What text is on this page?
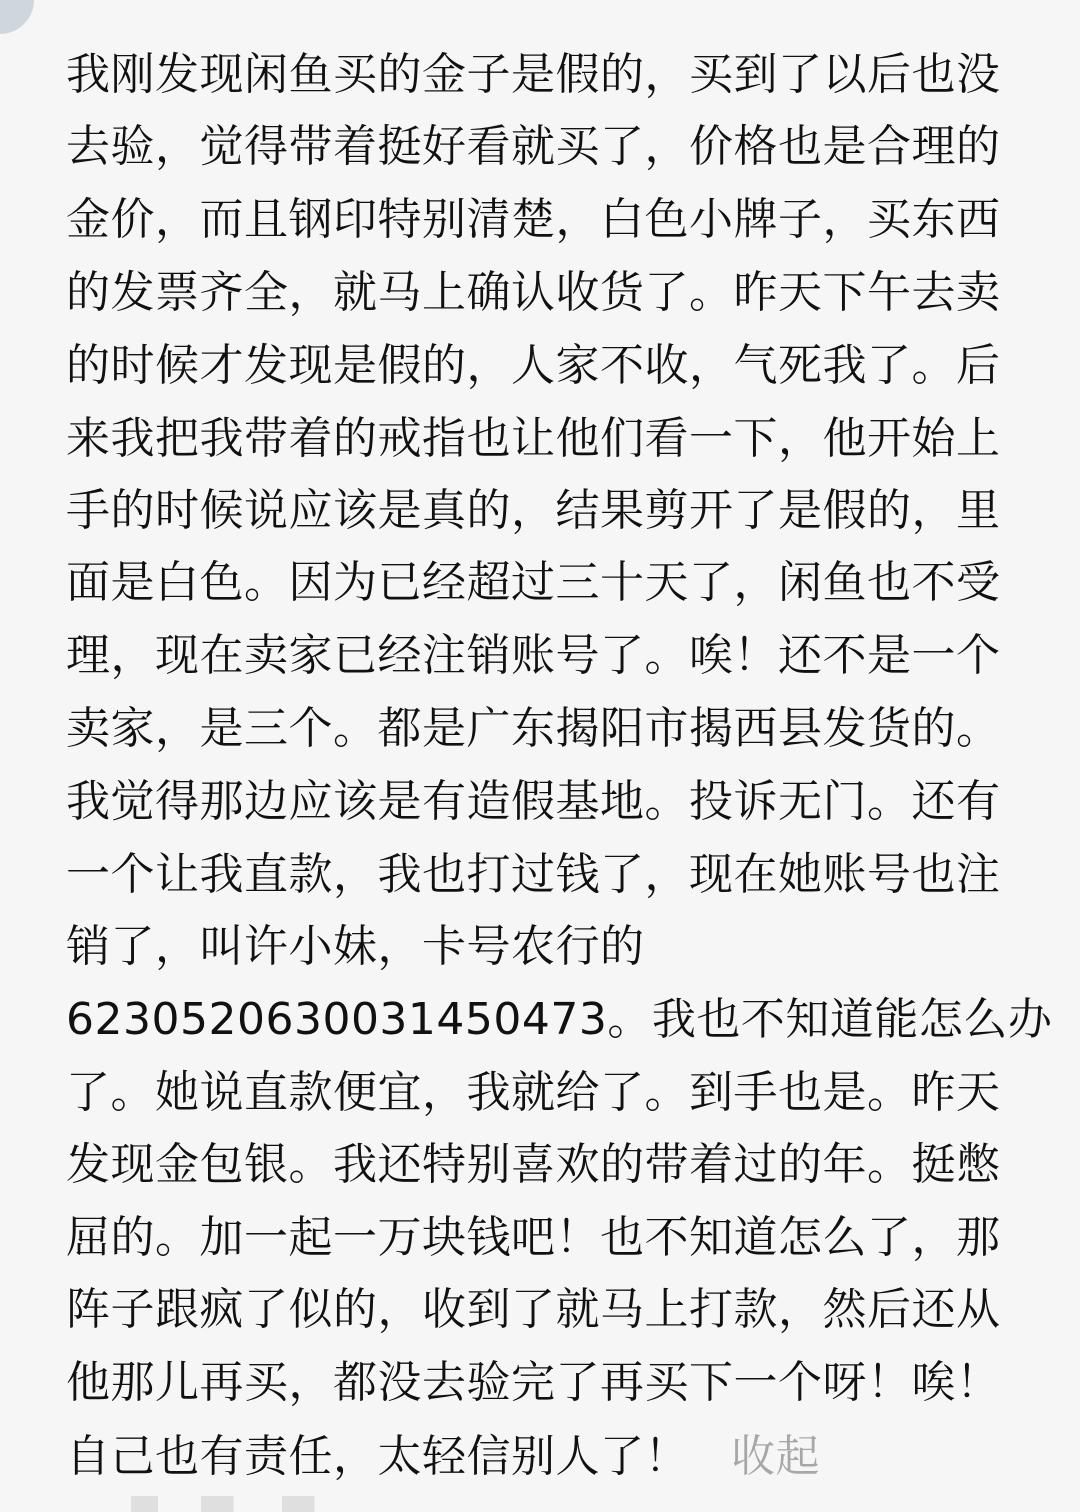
我刚发现闲鱼买的金子是假的，买到了以后也没
去验，觉得带着挺好看就买了，价格也是合理的
金价，而且钢印特别清楚，白色小牌子，买东西
的发票齐全，就马上确认收货了。昨天下午去卖
的时候才发现是假的，人家不收，气死我了。后
来我把我带着的戒指也让他们看一下，他开始上
手的时候说应该是真的，结果剪开了是假的，里
面是白色。因为已经超过三十天了，闲鱼也不受
理，现在卖家已经注销账号了。唉！还不是一个
卖家，是三个。都是广东揭阳市揭西县发货的。
我觉得那边应该是有造假基地。投诉无门。还有
一个让我直款，我也打过钱了，现在她账号也注
销了，叫许小妹，卡号农行的
6230520630031450473。我也不知道能怎么办
了。她说直款便宜，我就给了。到手也是。昨天
发现金包银。我还特别喜欢的带着过的年。挺憋
屈的。加一起一万块钱吧！也不知道怎么了，那
阵子跟疯了似的，收到了就马上打款，然后还从
他那儿再买，都没去验完了再买下一个呀！唉！
自己也有责任，太轻信别人了！ 收起
